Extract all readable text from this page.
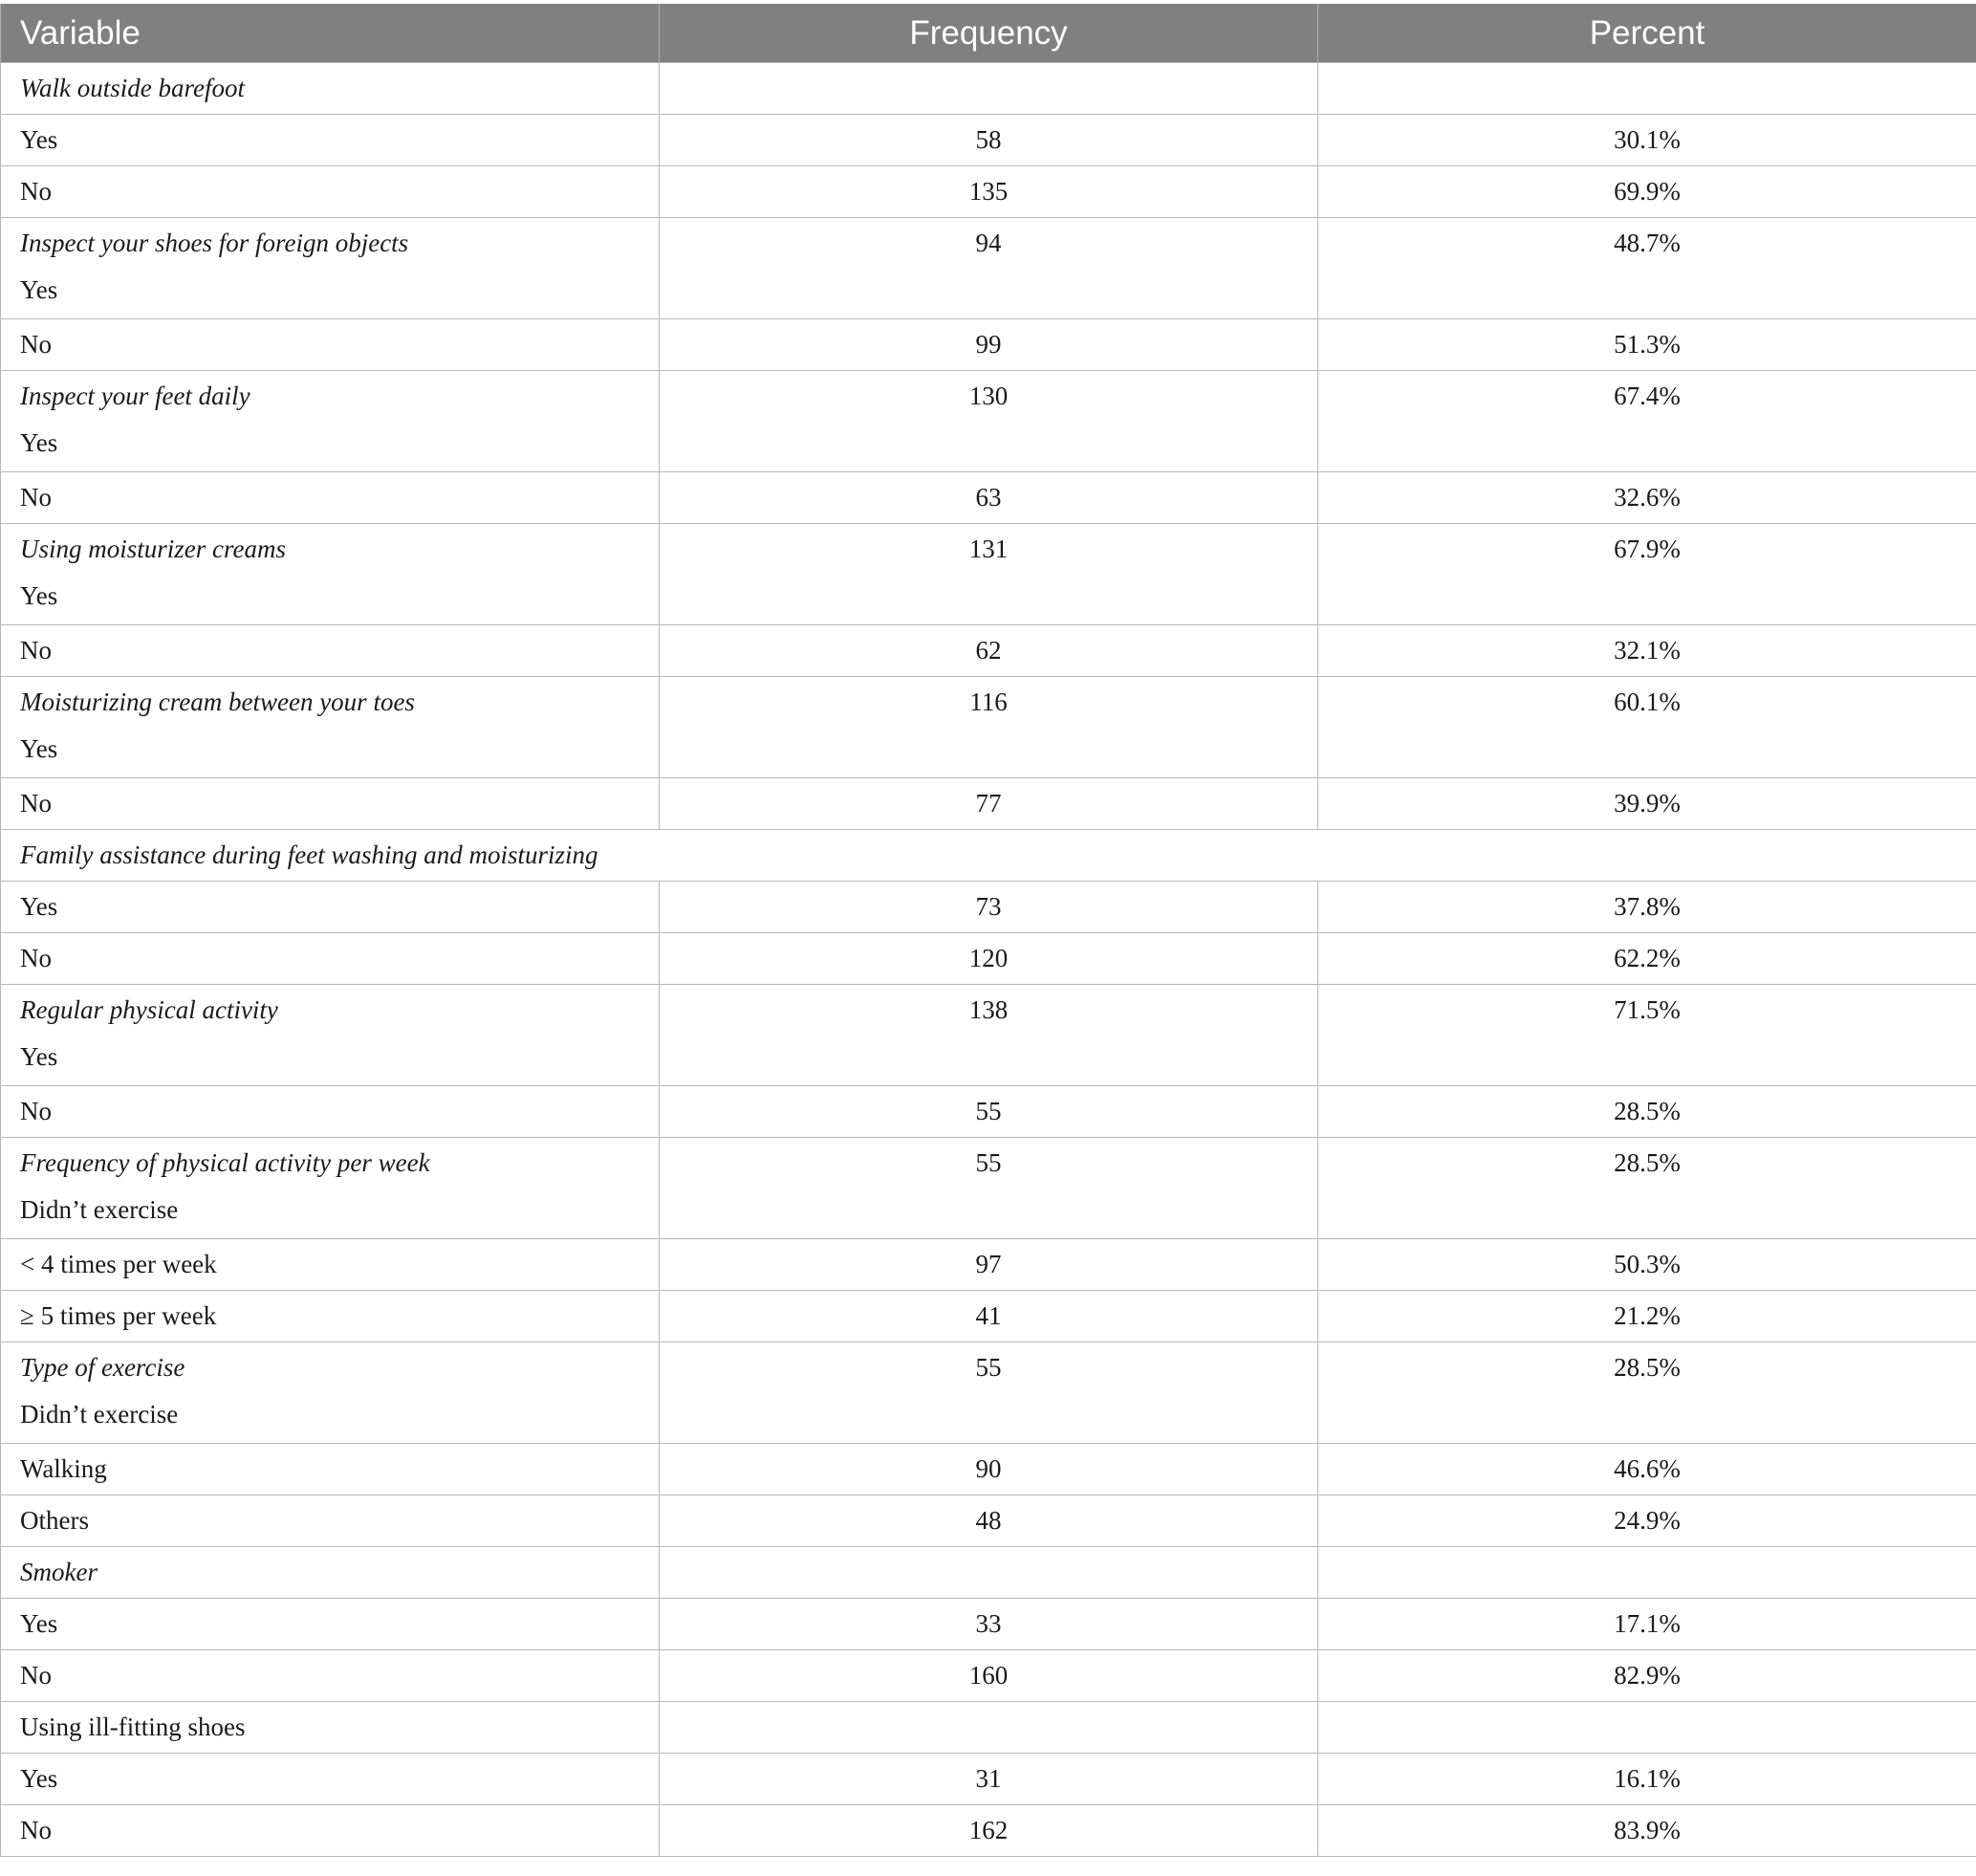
Variable	Frequency	Percent

Walk outside barefoot		

Yes	58	30.1%
No	135	69.9%

Inspect your shoes for foreign objects
Yes	94	48.7%
No	99	51.3%

Inspect your feet daily
Yes	130	67.4%
No	63	32.6%

Using moisturizer creams
Yes	131	67.9%
No	62	32.1%

Moisturizing cream between your toes
Yes	116	60.1%
No	77	39.9%

Family assistance during feet washing and moisturizing		

Yes	73	37.8%
No	120	62.2%

Regular physical activity
Yes	138	71.5%
No	55	28.5%

Frequency of physical activity per week
Didn’t exercise	55	28.5%
< 4 times per week	97	50.3%
≥ 5 times per week	41	21.2%

Type of exercise
Didn’t exercise	55	28.5%
Walking	90	46.6%
Others	48	24.9%

Smoker		

Yes	33	17.1%
No	160	82.9%
Using ill-fitting shoes		
Yes	31	16.1%
No	162	83.9%
